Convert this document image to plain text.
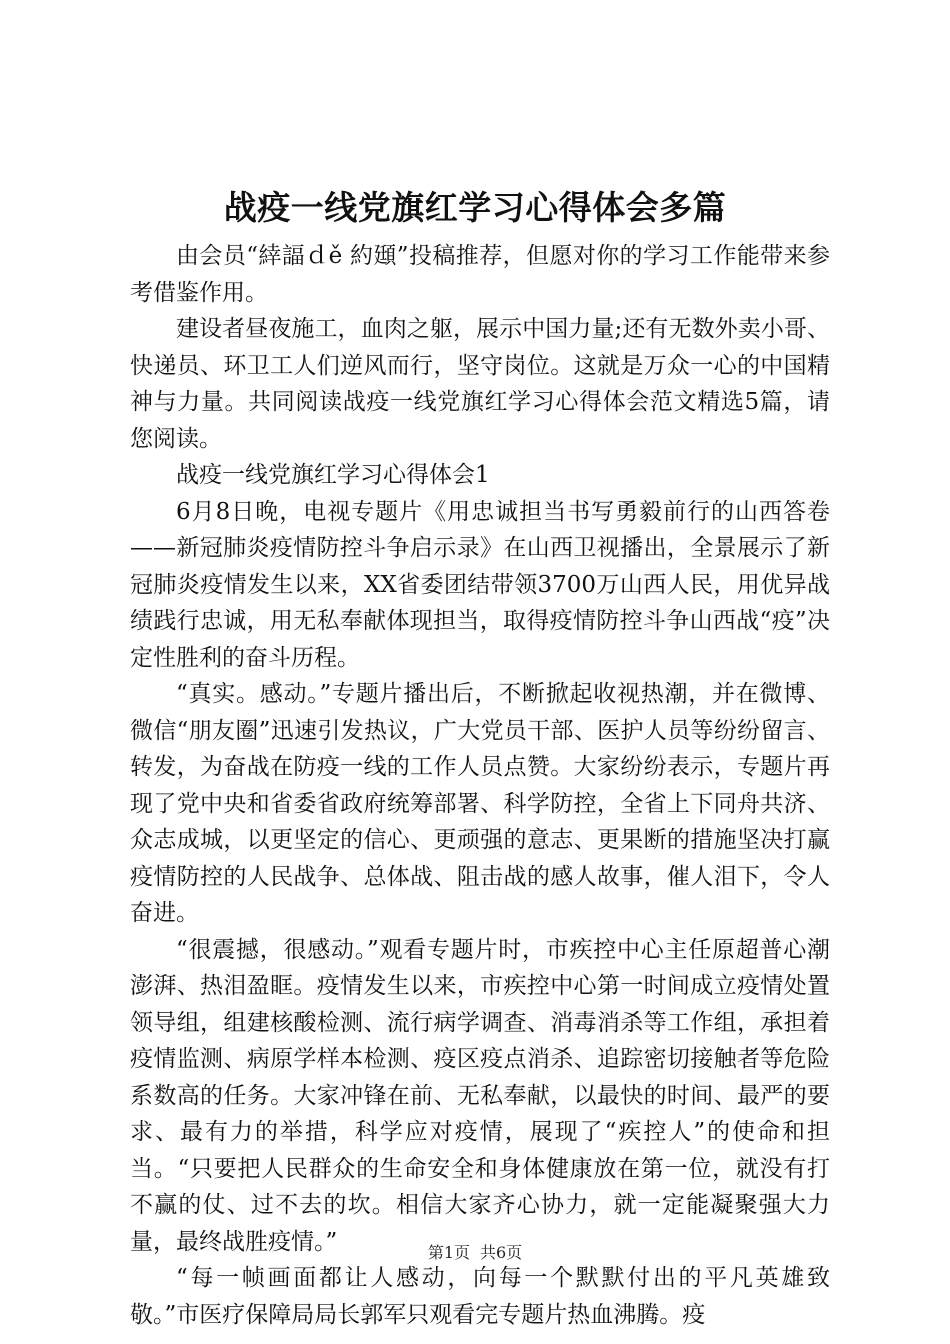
战疫一线党旗红学习心得体会多篇

由会员“緈諨ｄě 約頲”投稿推荐，但愿对你的学习工作能带来参考借鉴作用。

建设者昼夜施工，血肉之躯，展示中国力量;还有无数外卖小哥、快递员、环卫工人们逆风而行，坚守岗位。这就是万众一心的中国精神与力量。共同阅读战疫一线党旗红学习心得体会范文精选5篇，请您阅读。

战疫一线党旗红学习心得体会1

6月8日晚，电视专题片《用忠诚担当书写勇毅前行的山西答卷——新冠肺炎疫情防控斗争启示录》在山西卫视播出，全景展示了新冠肺炎疫情发生以来，XX省委团结带领3700万山西人民，用优异战绩践行忠诚，用无私奉献体现担当，取得疫情防控斗争山西战“疫”决定性胜利的奋斗历程。

“真实。感动。”专题片播出后，不断掀起收视热潮，并在微博、微信“朋友圈”迅速引发热议，广大党员干部、医护人员等纷纷留言、转发，为奋战在防疫一线的工作人员点赞。大家纷纷表示，专题片再现了党中央和省委省政府统筹部署、科学防控，全省上下同舟共济、众志成城，以更坚定的信心、更顽强的意志、更果断的措施坚决打赢疫情防控的人民战争、总体战、阻击战的感人故事，催人泪下，令人奋进。

“很震撼，很感动。”观看专题片时，市疾控中心主任原超普心潮澎湃、热泪盈眶。疫情发生以来，市疾控中心第一时间成立疫情处置领导组，组建核酸检测、流行病学调查、消毒消杀等工作组，承担着疫情监测、病原学样本检测、疫区疫点消杀、追踪密切接触者等危险系数高的任务。大家冲锋在前、无私奉献，以最快的时间、最严的要求、最有力的举措，科学应对疫情，展现了“疾控人”的使命和担当。“只要把人民群众的生命安全和身体健康放在第一位，就没有打不赢的仗、过不去的坎。相信大家齐心协力，就一定能凝聚强大力量，最终战胜疫情。”

“每一帧画面都让人感动，向每一个默默付出的平凡英雄致敬。”市医疗保障局局长郭军只观看完专题片热血沸腾。疫

第1页 共6页
